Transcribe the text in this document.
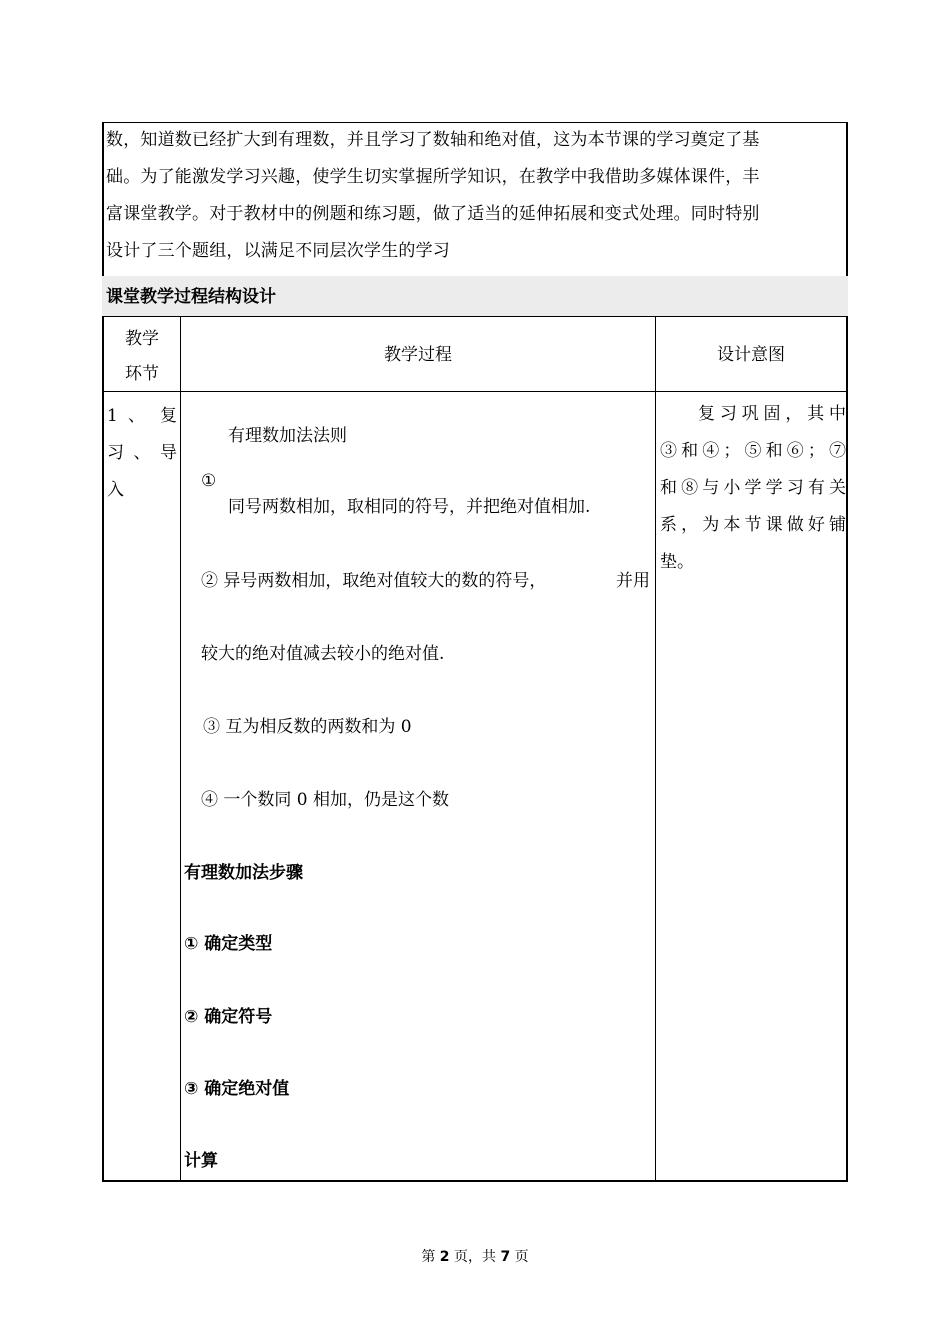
数，知道数已经扩大到有理数，并且学习了数轴和绝对值，这为本节课的学习奠定了基
础。为了能激发学习兴趣，使学生切实掌握所学知识，在教学中我借助多媒体课件，丰
富课堂教学。对于教材中的例题和练习题，做了适当的延伸拓展和变式处理。同时特别
设计了三个题组，以满足不同层次学生的学习
课堂教学过程结构设计
教学
环节
教学过程	设计意图
1 、 复
习 、 导
入
有理数加法法则
①
同号两数相加，取相同的符号，并把绝对值相加.
② 异号两数相加，取绝对值较大的数的符号，	并用
较大的绝对值减去较小的绝对值.
③ 互为相反数的两数和为 0
④ 一个数同 0 相加，仍是这个数
有理数加法步骤
① 确定类型
② 确定符号
③ 确定绝对值
计算
复习巩固，其中
③和④；⑤和⑥；⑦
和⑧与小学学习有关
系，为本节课做好铺
垫。
第 2 页，共 7 页
